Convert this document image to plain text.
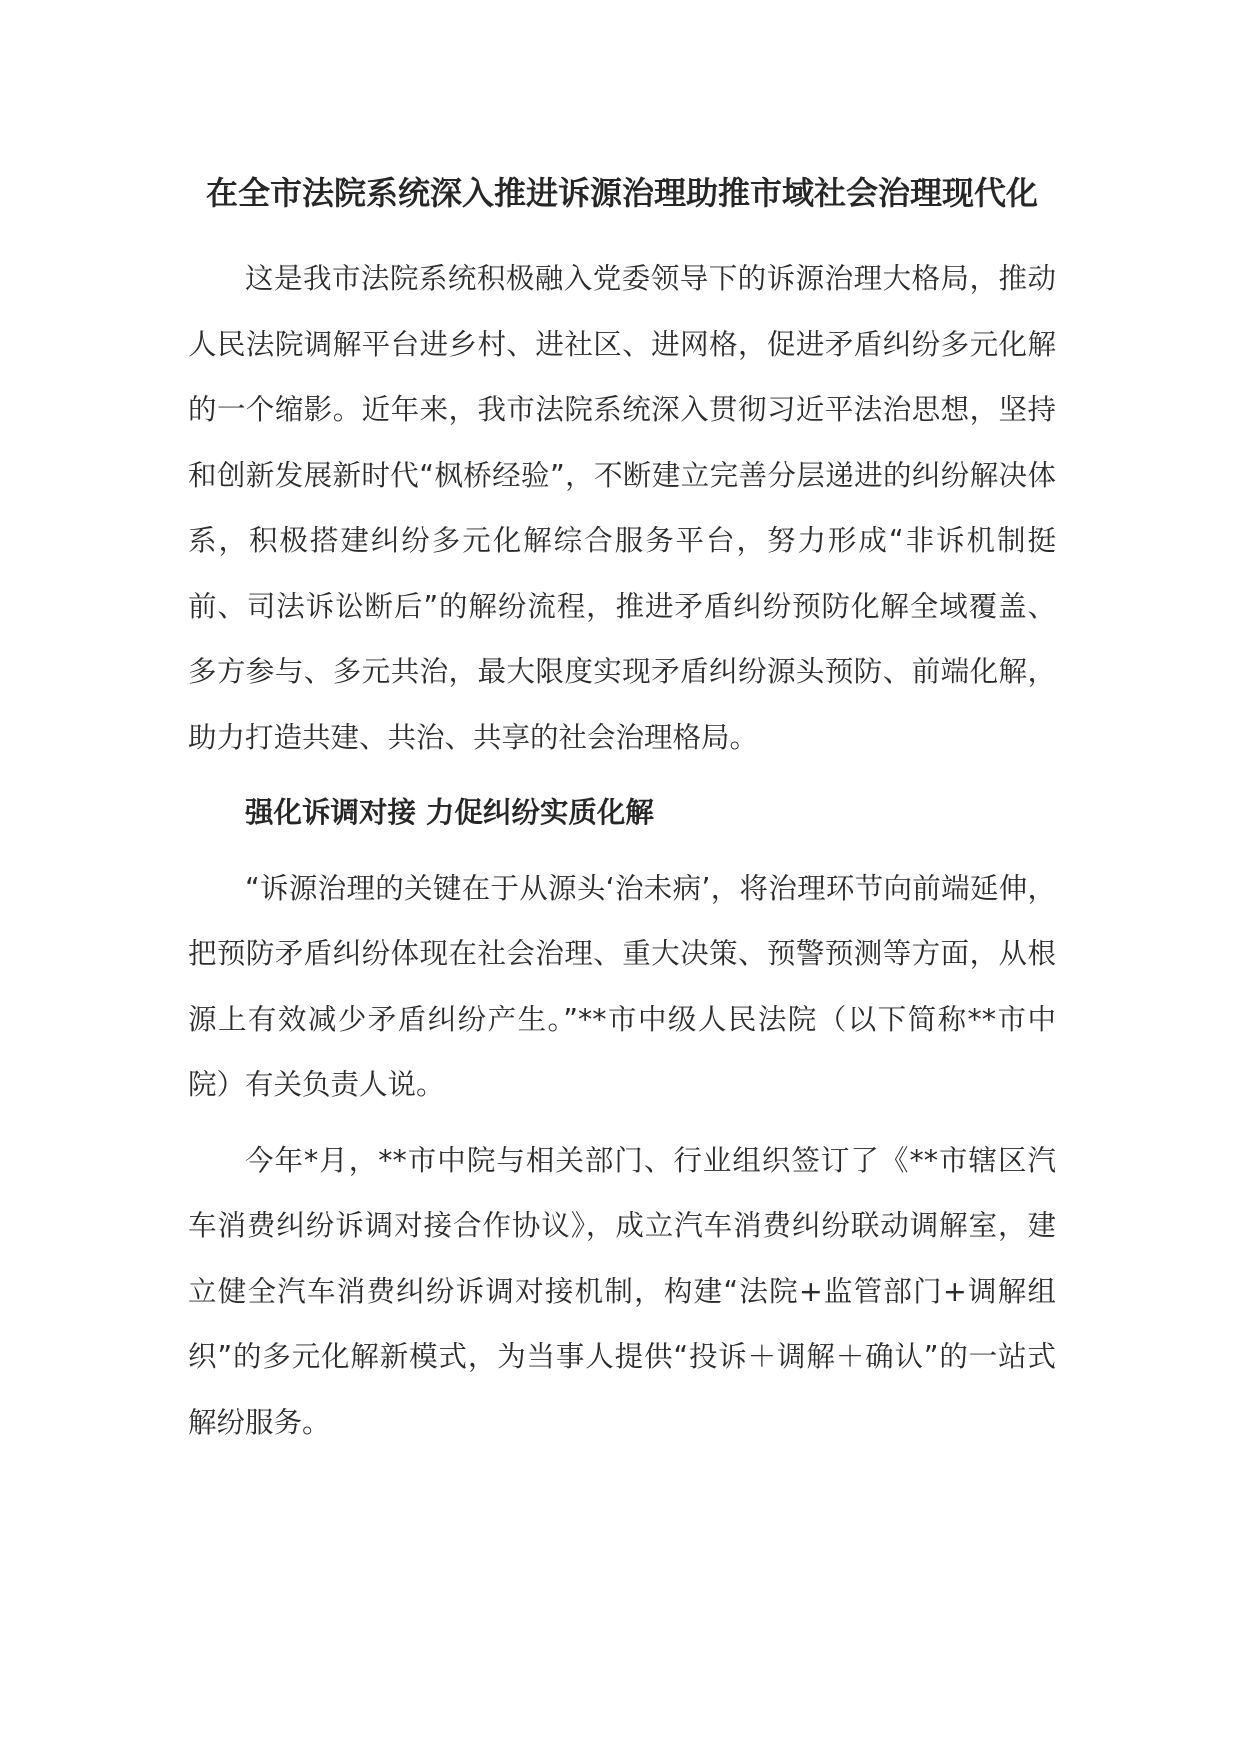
在全市法院系统深入推进诉源治理助推市域社会治理现代化

这是我市法院系统积极融入党委领导下的诉源治理大格局，推动人民法院调解平台进乡村、进社区、进网格，促进矛盾纠纷多元化解的一个缩影。近年来，我市法院系统深入贯彻习近平法治思想，坚持和创新发展新时代“枫桥经验”，不断建立完善分层递进的纠纷解决体系，积极搭建纠纷多元化解综合服务平台，努力形成“非诉机制挺前、司法诉讼断后”的解纷流程，推进矛盾纠纷预防化解全域覆盖、多方参与、多元共治，最大限度实现矛盾纠纷源头预防、前端化解，助力打造共建、共治、共享的社会治理格局。

强化诉调对接 力促纠纷实质化解

“诉源治理的关键在于从源头‘治未病’，将治理环节向前端延伸，把预防矛盾纠纷体现在社会治理、重大决策、预警预测等方面，从根源上有效减少矛盾纠纷产生。”**市中级人民法院（以下简称**市中院）有关负责人说。

今年*月，**市中院与相关部门、行业组织签订了《**市辖区汽车消费纠纷诉调对接合作协议》，成立汽车消费纠纷联动调解室，建立健全汽车消费纠纷诉调对接机制，构建“法院+监管部门+调解组织”的多元化解新模式，为当事人提供“投诉＋调解＋确认”的一站式解纷服务。
